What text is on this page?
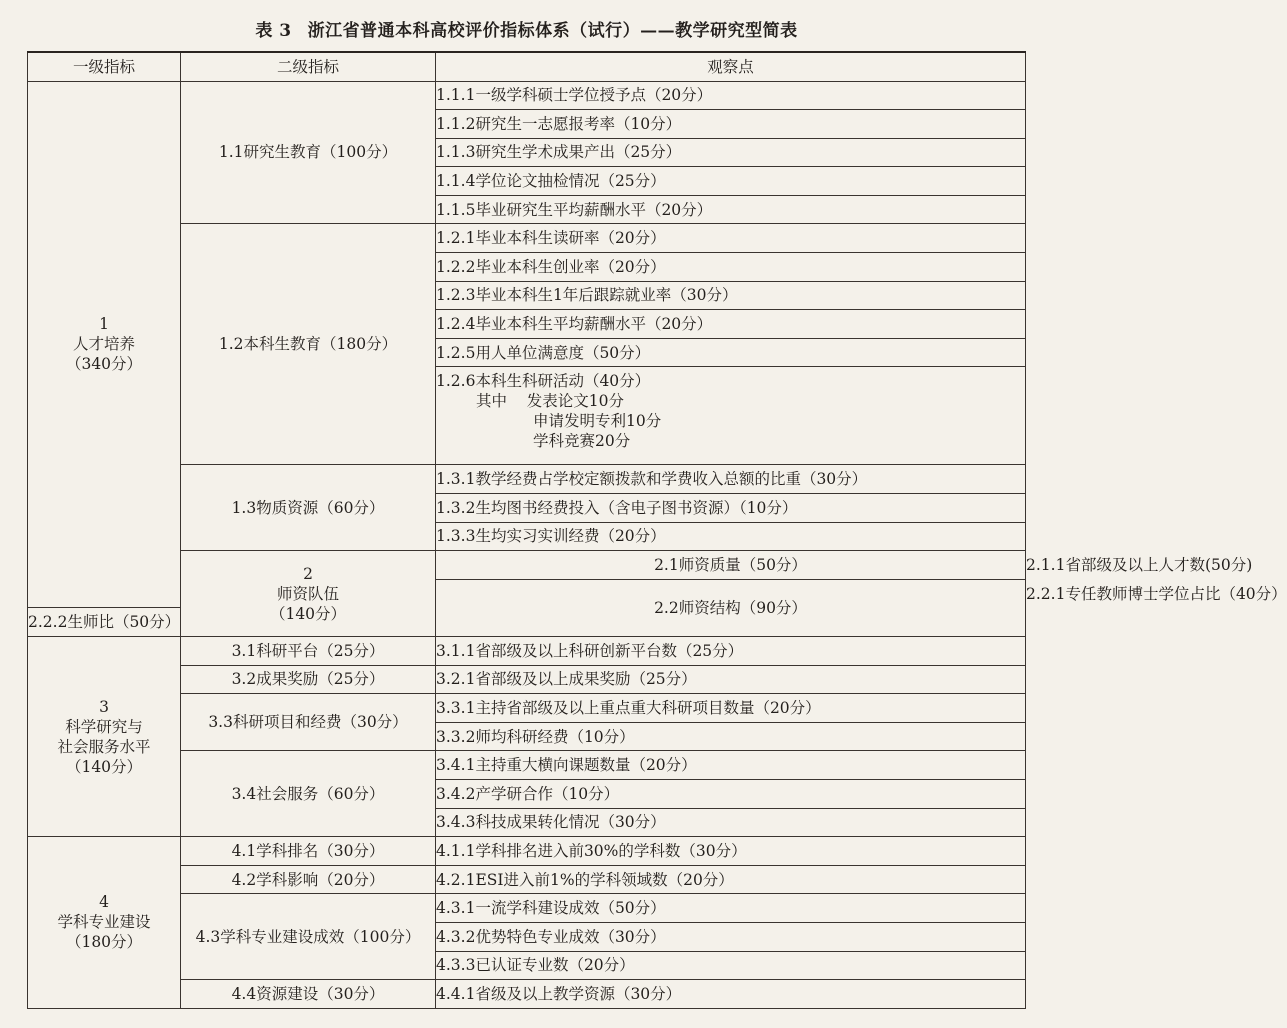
表 3 浙江省普通本科高校评价指标体系（试行）——教学研究型简表
一级指标	二级指标	观察点	

1
人才培养
（340分）	1.1研究生教育（100分）	1.1.1一级学科硕士学位授予点（20分）	
		1.1.2研究生一志愿报考率（10分）	
		1.1.3研究生学术成果产出（25分）	
		1.1.4学位论文抽检情况（25分）	
		1.1.5毕业研究生平均薪酬水平（20分）	
	1.2本科生教育（180分）	1.2.1毕业本科生读研率（20分）	
		1.2.2毕业本科生创业率（20分）	
		1.2.3毕业本科生1年后跟踪就业率（30分）	
		1.2.4毕业本科生平均薪酬水平（20分）	
		1.2.5用人单位满意度（50分）	

		1.2.6本科生科研活动（40分）
其中 发表论文10分
申请发明专利10分
学科竞赛20分	

	1.3物质资源（60分）	1.3.1教学经费占学校定额拨款和学费收入总额的比重（30分）	
		1.3.2生均图书经费投入（含电子图书资源）（10分）	
		1.3.3生均实习实训经费（20分）	

	2
师资队伍
（140分）	2.1师资质量（50分）	2.1.1省部级及以上人才数(50分)
		2.2师资结构（90分）	2.2.1专任教师博士学位占比（40分）
2.2.2生师比（50分）			

3
科学研究与
社会服务水平
（140分）	3.1科研平台（25分）	3.1.1省部级及以上科研创新平台数（25分）	
	3.2成果奖励（25分）	3.2.1省部级及以上成果奖励（25分）	
	3.3科研项目和经费（30分）	3.3.1主持省部级及以上重点重大科研项目数量（20分）	
		3.3.2师均科研经费（10分）	
	3.4社会服务（60分）	3.4.1主持重大横向课题数量（20分）	
		3.4.2产学研合作（10分）	
		3.4.3科技成果转化情况（30分）	

4
学科专业建设
（180分）	4.1学科排名（30分）	4.1.1学科排名进入前30%的学科数（30分）	
	4.2学科影响（20分）	4.2.1ESI进入前1%的学科领域数（20分）	
	4.3学科专业建设成效（100分）	4.3.1一流学科建设成效（50分）	
		4.3.2优势特色专业成效（30分）	
		4.3.3已认证专业数（20分）	
	4.4资源建设（30分）	4.4.1省级及以上教学资源（30分）	
